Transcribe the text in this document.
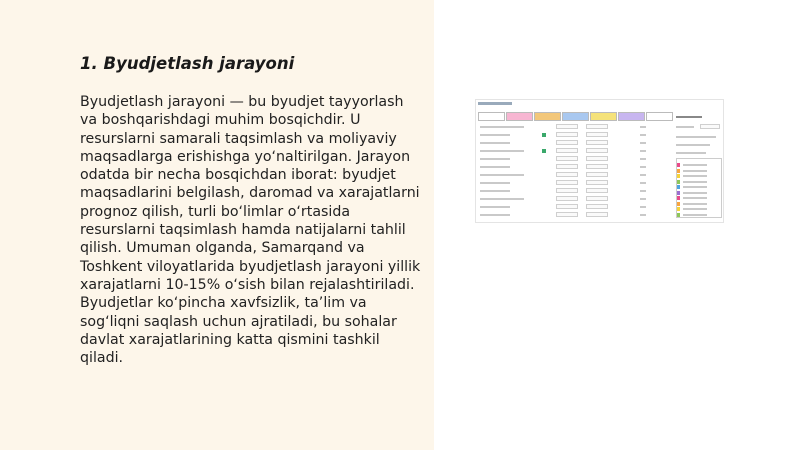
1. Byudjetlash jarayoni

Byudjetlash jarayoni — bu byudjet tayyorlash va boshqarishdagi muhim bosqichdir. U resurslarni samarali taqsimlash va moliyaviy maqsadlarga erishishga yo‘naltirilgan. Jarayon odatda bir necha bosqichdan iborat: byudjet maqsadlarini belgilash, daromad va xarajatlarni prognoz qilish, turli bo‘limlar o‘rtasida resurslarni taqsimlash hamda natijalarni tahlil qilish. Umuman olganda, Samarqand va Toshkent viloyatlarida byudjetlash jarayoni yillik xarajatlarni 10-15% o‘sish bilan rejalashtiriladi. Byudjetlar ko‘pincha xavfsizlik, ta’lim va sog‘liqni saqlash uchun ajratiladi, bu sohalar davlat xarajatlarining katta qismini tashkil qiladi.
